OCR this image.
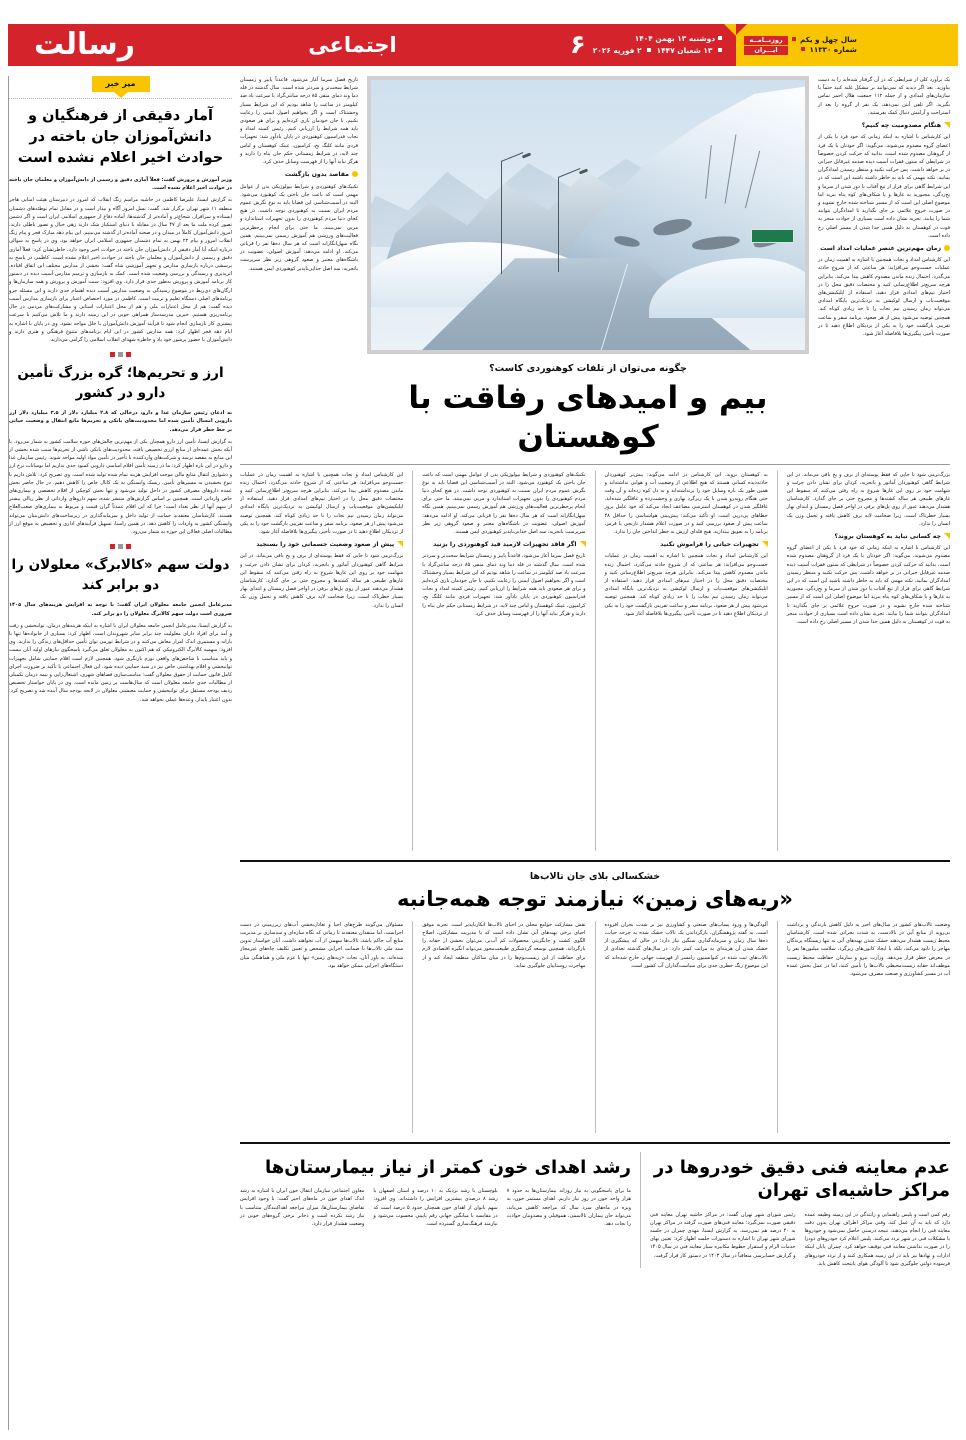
سال چهل و یکم
شماره ۱۱۳۳۰
روزنــامــه
ایـــران
دوشنبه ۱۳ بهمن ۱۴۰۴
۱۳ شعبان ۱۴۴۷  ۲ فوریه ۲۰۲۶
۶
اجتماعی
رسالت
یک برآورد کلی از شرایطی که در آن گرفتار شده‌اید را به دست بیاورید. بعد اگر دیدید که نمی‌توانید بر مشکل غلبه کنید حتماً با سازمان‌های امدادی و از جمله ۱۱۲ جمعیت هلال احمر تماس بگیرید. اگر تلفن آنتن نمی‌دهد، یک نفر از گروه را بعد از استراحت و آرامش دنبال کمک بفرستید.
هنگام مصدومیت چه کنیم؟
این کارشناس با اشاره به اینکه زمانی که خود فرد یا یکی از اعضای گروه مصدوم می‌شوند، می‌گوید: اگر خودتان یا یک فرد از گروهتان مصدوم شده است، بدانید که حرکت کردن خصوصاً در شرایطی که ستون فقرات آسیب دیده صدمه غیرقابل جبرانی در بر خواهد داشت. پس حرکت نکنید و منتظر رسیدن امدادگران بمانید. نکته مهمی که باید به خاطر داشته باشید این است که در این شرایط گاهی برای فرار از تیغ آفتاب یا دور شدن از سرما و یخ‌زدگی، مجبورید به غارها و یا شکاف‌های کوه پناه ببرید اما موضوع اصلی این است که از مسیر شناخته شده خارج نشوید و در صورت خروج علائمی بر جای بگذارید تا امدادگران بتوانند شما را بیابند. تجربه نشان داده است بسیاری از حوادث منجر به فوت در کوهستان به دلیل همین جدا شدن از مسیر اصلی رخ داده است.
زمان مهم‌ترین عنصر عملیات امداد است
این کارشناس امداد و نجات همچنین با اشاره به اهمیت زمان در عملیات جست‌وجو می‌افزاید: هر ساعتی که از شروع حادثه می‌گذرد، احتمال زنده ماندن مصدوم کاهش پیدا می‌کند. بنابراین هرچه سریع‌تر اطلاع‌رسانی کنید و مختصات دقیق محل را در اختیار تیم‌های امدادی قرار دهید. استفاده از اپلیکیشن‌های موقعیت‌یاب و ارسال لوکیشن به نزدیک‌ترین پایگاه امدادی می‌تواند زمان رسیدن تیم نجات را تا حد زیادی کوتاه کند. همچنین توصیه می‌شود پیش از هر صعود، برنامه سفر و ساعت تقریبی بازگشت خود را به یکی از نزدیکان اطلاع دهید تا در صورت تأخیر، پیگیری‌ها بلافاصله آغاز شود.
چگونه می‌توان از تلفات کوهنوردی کاست؟
بیم و امیدهای رفاقت با کوهستان
تاریخ فصل سرما آغاز می‌شود، قاعدتاً پاییز و زمستان شرایط سخت‌تر و سردتر شده است. سال گذشته در قله دما وند دمای منفی ۸۵ درجه سانتی‌گراد با سرعت باد صد کیلومتر در ساعت را شاهد بودیم که این شرایط بسیار وحشتناک است و اگر بخواهیم اصول ایمنی را رعایت نکنیم، با جان خودمان بازی کرده‌ایم و برای هر صعودی باید همه شرایط را ارزیابی کنیم. رئیس کمیته امداد و نجات فدراسیون کوهنوردی در پایان یادآور شد: تجهیزات فردی مانند کلنگ یخ، کرامپون، عینک کوهستان و لباس چند لایه، در شرایط زمستانی حکم جان پناه را دارند و هرگز نباید آنها را از فهرست وسایل حذف کرد.
مقاصد بدون بازگشت
تکنیک‌های کوهنوردی و شرایط بیولوژیکی بدن از عوامل مهمی است که باعث جان باختن یک کوهنورد می‌شود. البته در آسیب‌شناسی این قضایا باید به نوع نگرش عموم مردم ایران نسبت به کوهنوردی توجه داشت. در هیچ کجای دنیا مردم کوهنوردی را بدون تجهیزات استاندارد و مربی نمی‌بینند، ما حتی برای انجام پرخطرترین فعالیت‌های ورزشی هم آموزش رسمی نمی‌بینیم. همین نگاه سهل‌انگارانه است که هر سال ده‌ها نفر را قربانی می‌کند. او ادامه می‌دهد: آموزش اصولی، عضویت در باشگاه‌های معتبر و صعود گروهی زیر نظر سرپرست باتجربه، سه اصل جدایی‌ناپذیر کوهنوردی ایمن هستند.
بزرگ‌ترمی شود تا جایی که فقط پوسته‌ای از برف و یخ باقی می‌ماند. در این شرایط گاهی کوهنوردان آماتور و باتجربه، کردان برای نشان دادن جرئت و شهامت خود بر روی این غارها شروع به راه رفتن می‌کنند که سقوط این غارهای طبیعی هر ساله کشته‌ها و مجروح حتی بر جای گذارد. کارشناسان هشدار می‌دهند عبور از روی پل‌های برفی در اواخر فصل زمستان و ابتدای بهار بسیار خطرناک است، زیرا ضخامت لایه برف کاهش یافته و تحمل وزن یک انسان را ندارد.
چه کسانی نباید به کوهستان بروند؟
این کارشناس با اشاره به اینکه زمانی که خود فرد یا یکی از اعضای گروه مصدوم می‌شوند، می‌گوید: اگر خودتان یا یک فرد از گروهتان مصدوم شده است، بدانید که حرکت کردن خصوصاً در شرایطی که ستون فقرات آسیب دیده صدمه غیرقابل جبرانی در بر خواهد داشت. پس حرکت نکنید و منتظر رسیدن امدادگران بمانید. نکته مهمی که باید به خاطر داشته باشید این است که در این شرایط گاهی برای فرار از تیغ آفتاب یا دور شدن از سرما و یخ‌زدگی، مجبورید به غارها و یا شکاف‌های کوه پناه ببرید اما موضوع اصلی این است که از مسیر شناخته شده خارج نشوید و در صورت خروج علائمی بر جای بگذارید تا امدادگران بتوانند شما را بیابند. تجربه نشان داده است بسیاری از حوادث منجر به فوت در کوهستان به دلیل همین جدا شدن از مسیر اصلی رخ داده است.
به کوهستان نروید. این کارشناس در ادامه می‌گوید: بیش‌تر کوهنوردان حادثه‌دیده کسانی هستند که هیچ اطلاعی از وضعیت آب و هوایی نداشته‌اند و همین طور یک باره وسایل خود را برنداشته‌اند و به دل کوه زده‌اند و آن وقت حتی هنگام روبه‌رو شدن با یک ریزگرد بهاری و وحشت‌زده و غافلگیر شده‌اند. غافلگیر شدن در کوهستان استرسی مضاعف ایجاد می‌کند که خود عامل بروز خطاهای پی‌درپی است. او تأکید می‌کند: پیش‌بینی هواشناسی را حداقل ۴۸ ساعت پیش از صعود بررسی کنید و در صورت اعلام هشدار نارنجی یا قرمز، برنامه را به تعویق بیندازید. هیچ قله‌ای ارزش به خطر انداختن جان را ندارد.
تجهیزات حیاتی را فراموش نکنید
این کارشناس امداد و نجات همچنین با اشاره به اهمیت زمان در عملیات جست‌وجو می‌افزاید: هر ساعتی که از شروع حادثه می‌گذرد، احتمال زنده ماندن مصدوم کاهش پیدا می‌کند. بنابراین هرچه سریع‌تر اطلاع‌رسانی کنید و مختصات دقیق محل را در اختیار تیم‌های امدادی قرار دهید. استفاده از اپلیکیشن‌های موقعیت‌یاب و ارسال لوکیشن به نزدیک‌ترین پایگاه امدادی می‌تواند زمان رسیدن تیم نجات را تا حد زیادی کوتاه کند. همچنین توصیه می‌شود پیش از هر صعود، برنامه سفر و ساعت تقریبی بازگشت خود را به یکی از نزدیکان اطلاع دهید تا در صورت تأخیر، پیگیری‌ها بلافاصله آغاز شود.
تکنیک‌های کوهنوردی و شرایط بیولوژیکی بدن از عوامل مهمی است که باعث جان باختن یک کوهنورد می‌شود. البته در آسیب‌شناسی این قضایا باید به نوع نگرش عموم مردم ایران نسبت به کوهنوردی توجه داشت. در هیچ کجای دنیا مردم کوهنوردی را بدون تجهیزات استاندارد و مربی نمی‌بینند، ما حتی برای انجام پرخطرترین فعالیت‌های ورزشی هم آموزش رسمی نمی‌بینیم. همین نگاه سهل‌انگارانه است که هر سال ده‌ها نفر را قربانی می‌کند. او ادامه می‌دهد: آموزش اصولی، عضویت در باشگاه‌های معتبر و صعود گروهی زیر نظر سرپرست باتجربه، سه اصل جدایی‌ناپذیر کوهنوردی ایمن هستند.
اگر فاقد تجهیزات لازمید قید کوهنوردی را بزنید
تاریخ فصل سرما آغاز می‌شود، قاعدتاً پاییز و زمستان شرایط سخت‌تر و سردتر شده است. سال گذشته در قله دما وند دمای منفی ۸۵ درجه سانتی‌گراد با سرعت باد صد کیلومتر در ساعت را شاهد بودیم که این شرایط بسیار وحشتناک است و اگر بخواهیم اصول ایمنی را رعایت نکنیم، با جان خودمان بازی کرده‌ایم و برای هر صعودی باید همه شرایط را ارزیابی کنیم. رئیس کمیته امداد و نجات فدراسیون کوهنوردی در پایان یادآور شد: تجهیزات فردی مانند کلنگ یخ، کرامپون، عینک کوهستان و لباس چند لایه، در شرایط زمستانی حکم جان پناه را دارند و هرگز نباید آنها را از فهرست وسایل حذف کرد.
این کارشناس امداد و نجات همچنین با اشاره به اهمیت زمان در عملیات جست‌وجو می‌افزاید: هر ساعتی که از شروع حادثه می‌گذرد، احتمال زنده ماندن مصدوم کاهش پیدا می‌کند. بنابراین هرچه سریع‌تر اطلاع‌رسانی کنید و مختصات دقیق محل را در اختیار تیم‌های امدادی قرار دهید. استفاده از اپلیکیشن‌های موقعیت‌یاب و ارسال لوکیشن به نزدیک‌ترین پایگاه امدادی می‌تواند زمان رسیدن تیم نجات را تا حد زیادی کوتاه کند. همچنین توصیه می‌شود پیش از هر صعود، برنامه سفر و ساعت تقریبی بازگشت خود را به یکی از نزدیکان اطلاع دهید تا در صورت تأخیر، پیگیری‌ها بلافاصله آغاز شود.
پیش از صعود وضعیت جسمانی خود را بسنجید
بزرگ‌ترمی شود تا جایی که فقط پوسته‌ای از برف و یخ باقی می‌ماند. در این شرایط گاهی کوهنوردان آماتور و باتجربه، کردان برای نشان دادن جرئت و شهامت خود بر روی این غارها شروع به راه رفتن می‌کنند که سقوط این غارهای طبیعی هر ساله کشته‌ها و مجروح حتی بر جای گذارد. کارشناسان هشدار می‌دهند عبور از روی پل‌های برفی در اواخر فصل زمستان و ابتدای بهار بسیار خطرناک است، زیرا ضخامت لایه برف کاهش یافته و تحمل وزن یک انسان را ندارد.
خشکسالی بلای جان تالاب‌ها
«ریه‌های زمین» نیازمند توجه همه‌جانبه
وضعیت تالاب‌های کشور در سال‌های اخیر به دلیل کاهش بارندگی و برداشت بی‌رویه از منابع آبی در بالادست، به شدت بحرانی شده است. کارشناسان محیط زیست هشدار می‌دهند خشک شدن پهنه‌های آبی نه تنها زیستگاه پرندگان مهاجر را نابود می‌کند، بلکه با ایجاد کانون‌های ریزگرد، سلامت میلیون‌ها نفر را در معرض خطر قرار می‌دهد. وزارت نیرو و سازمان حفاظت محیط زیست موظف‌اند حقابه زیست‌محیطی تالاب‌ها را تأمین کنند، اما در عمل بخش عمده آب در مسیر کشاورزی و صنعت مصرف می‌شود.
آلودگی‌ها و ورود پساب‌های صنعتی و کشاورزی نیز بر شدت بحران افزوده است. به گفته پژوهشگران، بازگرداندن یک تالاب خشک شده به چرخه حیات، ده‌ها سال زمان و سرمایه‌گذاری سنگین نیاز دارد؛ در حالی که پیشگیری از خشک شدن آن هزینه‌ای به مراتب کمتر دارد. در سال‌های گذشته تعدادی از تالاب‌های ثبت شده در کنوانسیون رامسر از فهرست جهانی خارج شده‌اند که این موضوع زنگ خطری جدی برای سیاست‌گذاران آب کشور است.
نقش مشارکت جوامع محلی در احیای تالاب‌ها انکارناپذیر است. تجربه موفق احیای برخی پهنه‌های آبی نشان داده است که با مدیریت مشارکتی، اصلاح الگوی کشت و جایگزینی محصولات کم آب‌بر، می‌توان بخشی از حقابه را بازگرداند. همچنین توسعه گردشگری طبیعت‌محور می‌تواند انگیزه اقتصادی لازم برای حفاظت از این زیست‌بوم‌ها را در میان ساکنان منطقه ایجاد کند و از مهاجرت روستاییان جلوگیری نماید.
مسئولان می‌گویند طرح‌های احیا و تعادل‌بخشی آب‌های زیرزمینی در دست اجراست، اما منتقدان معتقدند تا زمانی که نگاه سازه‌ای و سدسازی بر مدیریت منابع آب حاکم باشد، تالاب‌ها سهمی از آب نخواهند داشت. آنان خواستار تدوین سند ملی تالاب‌ها با ضمانت اجرایی مشخص و تعیین تکلیف چاه‌های غیرمجاز شده‌اند. به باور آنان، نجات «ریه‌های زمین» تنها با عزم ملی و هماهنگی میان دستگاه‌های اجرایی ممکن خواهد بود.
عدم معاینه فنی دقیق خودروها در مراکز حاشیه‌ای تهران
رقم کمی است و پلیس راهنمایی و رانندگی در این زمینه وظیفه عمده دارد که باید به آن عمل کند. وقتی مراکز اطراف تهران بدون دقت معاینه فنی را انجام می‌دهند، نتیجه درستی حاصل نمی‌شود و خودروها با مشکلات فنی در شهر تردد می‌کنند. پلیس اعلام کرد خودروهای دودزا را در صورت نداشتن معاینه فنی توقیف خواهد کرد. چمران پایان اینکه ادارات و نهادها نیز باید در این زمینه همکاری کنند و از تردد خودروهای فرسوده دولتی جلوگیری شود تا آلودگی هوای پایتخت کاهش یابد.
رئیس شورای شهر تهران گفت: در مراکز حاشیه تهران معاینه فنی دقیقی صورت نمی‌گیرد؛ معاینه فنی‌های صورت گرفته در مراکز تهران به ۴۰ درصد هم نمی‌رسد. به گزارش ایسنا، مهدی چمران در جلسه شورای شهر تهران با اشاره به دستورات جلسه اظهار کرد: تعیین بهای خدمات الزام و استقرار خطوط مکانیزه سیار معاینه فنی در سال ۱۴۰۵ و گزارش حسابرسی متعاقباً در سال ۱۴۰۳ در دستور کار قرار گرفت.
رشد اهدای خون کمتر از نیاز بیمارستان‌ها
ما برای پاسخگویی به نیاز روزانه بیمارستان‌ها به حدود ۷ هزار واحد خون در روز نیاز داریم. اهدای مستمر خون، به ویژه در ماه‌های سرد سال که مراجعه کاهش می‌یابد، می‌تواند جان بیماران تالاسمی، هموفیلی و مصدومان حوادث را نجات دهد.
بلوچستان با رشد نزدیک به ۱۰ درصد و استان اصفهان با رشد ۸ درصدی بیشترین افزایش را داشته‌اند. وی افزود: سهم بانوان از اهدای خون همچنان حدود ۵ درصد است که در مقایسه با میانگین جهانی رقم پایینی محسوب می‌شود و نیازمند فرهنگ‌سازی گسترده است.
معاون اجتماعی سازمان انتقال خون ایران با اشاره به رشد اندک اهدای خون در ماه‌های اخیر گفت: با وجود افزایش تقاضای بیمارستان‌ها، میزان مراجعه اهداکنندگان متناسب با نیاز رشد نکرده است و ذخایر برخی گروه‌های خونی در وضعیت هشدار قرار دارد.
میز خبر
آمار دقیقی از فرهنگیان و دانش‌آموزان جان باخته در حوادث اخیر اعلام نشده است
وزیر آموزش و پرورش گفت: فعلاً آماری دقیق و رسمی از دانش‌آموزان و معلمان جان باخته در حوادث اخیر اعلام نشده است.
به گزارش ایسنا، علیرضا کاظمی در حاشیه مراسم زنگ انقلاب که امروز در دبیرستان هیئت امنایی هاجر منطقه ۱۱ شهر تهران برگزار شد، گفت: نسل امروز آگاه و بیدار است و در مقابل تمام توطئه‌های دشمنان ایستاده و سرافراز، شجاع‌تر و آماده‌تر از گذشته‌ها، آماده دفاع از جمهوری اسلامی ایران است و اگر دشمن تصور کرده ملت ما بعد از ۴۷ سال در مقابله با دنیای استکبار شک دارند زهی خیال و تصور باطلی دارند. امروز دانش‌آموزان کاملاً در میدان و در صحنه آماده‌تر از گذشته می‌بینیم. این پیام دهه مبارک فجر و پیام زنگ انقلاب امروز و پیام ۲۲ بهمن به تمام دشمنان جمهوری اسلامی ایران خواهد بود. وی در پاسخ به سوالی درباره اینکه آیا آمار دقیقی از دانش‌آموزان جان باخته در حوادث اخیر وجود دارد، خاطرنشان کرد: فعلاً آماری دقیق و رسمی از دانش‌آموزان و معلمان جان باخته در حوادث اخیر اعلام نشده است. کاظمی در پاسخ به پرسشی درباره بازسازی مدارس و تجهیز آموزشی شاه گفت: بخشی از مدارس مختلف این اتفاق افتاده، اثرپذیری و رسیدگی و بررسی وضعیت شده است. کمک به بازسازی و ترمیم مدارس آسیب دیده در دستور کار برنامه آموزش و پرورش به‌طور جدی قرار دارد. وی افزود: سنت آموزش و پرورش و همه سازمان‌ها و ارگان‌های ذی‌ربط در موضوع رسیدگی به وضعیت مدارس آسیب دیده اهتمام جدی دارند و این مسئله جزو برنامه‌های اصلی دستگاه تعلیم و تربیت است. کاظمی در مورد اختصاص اعتبار برای بازسازی مدارس آسیب دیده گفت: هم از محل اعتبارات ملی و هم از محل اعتبارات استانی و مشارکت‌های مردمی در حال برنامه‌ریزی هستیم. خیرین مدرسه‌ساز همراهی خوبی در این زمینه دارند و ما تلاش می‌کنیم با سرعت بیشتری کار بازسازی انجام شود تا فرآیند آموزش دانش‌آموزان با خلل مواجه نشود. وی در پایان با اشاره به ایام دهه فجر اظهار کرد: همه مدارس کشور در این ایام برنامه‌های متنوع فرهنگی و هنری دارند و دانش‌آموزان با حضور پرشور خود یاد و خاطره شهدای انقلاب اسلامی را گرامی می‌دارند.
ارز و تحریم‌ها؛ گره بزرگ تأمین دارو در کشور
به اذعان رئیس سازمان غذا و دارو، درحالی که ۲.۸ میلیارد دلار از ۳.۵ میلیارد دلار ارز دارویی امسال تأمین شده اما محدودیت‌های بانکی و تحریم‌ها مانع انتقال و وضعیت حیاتی بر خط خطر قرار می‌دهد.
به گزارش ایسنا، تأمین ارز دارو همچنان یکی از مهم‌ترین چالش‌های حوزه سلامت کشور به شمار می‌رود. با آنکه بخش عمده‌ای از منابع ارزی تخصیص یافته، محدودیت‌های بانکی ناشی از تحریم‌ها سبب شده بخشی از این منابع به مقصد نرسد و شرکت‌های واردکننده با تأخیر در تأمین مواد اولیه مواجه شوند. رئیس سازمان غذا و دارو در این باره اظهار کرد: ما در زمینه تأمین اقلام اساسی دارویی کمبود جدی نداریم اما نوسانات نرخ ارز و دشواری انتقال منابع مالی موجب افزایش هزینه تمام شده تولید شده است. وی تصریح کرد: تلاش داریم با تنوع بخشیدن به مسیرهای تأمین، ریسک وابستگی به یک کانال خاص را کاهش دهیم. در حال حاضر بخش عمده داروهای مصرفی کشور در داخل تولید می‌شود و تنها بخش کوچکی از اقلام تخصصی و بیماری‌های خاص وارداتی است. همچنین بر اساس گزارش‌های منتشر شده، سهم داروهای وارداتی از نظر ریالی بیشتر از سهم آنها از نظر تعداد است؛ چرا که این اقلام عمدتاً گران قیمت و مربوط به بیماری‌های صعب‌العلاج هستند. کارشناسان معتقدند حمایت از تولید داخل و سرمایه‌گذاری در زیرساخت‌های دانش‌بنیان می‌تواند وابستگی کشور به واردات را کاهش دهد. در همین راستا، تسهیل فرآیندهای اداری و تخصیص به موقع ارز از مطالبات اصلی فعالان این حوزه به شمار می‌رود.
دولت سهم «کالابرگ» معلولان را دو برابر کند
مدیرعامل انجمن جامعه معلولان ایران گفت: با توجه به افزایش هزینه‌های سال ۱۴۰۵ ضروری است دولت سهم کالابرگ معلولان را دو برابر کند.
به گزارش ایسنا، مدیرعامل انجمن جامعه معلولان ایران با اشاره به اینکه هزینه‌های درمان، توانبخشی و رفت و آمد برای افراد دارای معلولیت چند برابر سایر شهروندان است، اظهار کرد: بسیاری از خانواده‌ها تنها با یارانه و مستمری اندک امرار معاش می‌کنند و در شرایط تورمی توان تأمین حداقل‌های زندگی را ندارند. وی افزود: سهمیه کالابرگ الکترونیکی که هم اکنون به معلولان تعلق می‌گیرد پاسخگوی نیازهای اولیه آنان نیست و باید متناسب با شاخص‌های واقعی تورم بازنگری شود. همچنین لازم است اقلام حمایتی شامل تجهیزات توانبخشی و اقلام بهداشتی خاص نیز در سبد حمایتی دیده شود. این فعال اجتماعی با تأکید بر ضرورت اجرای کامل قانون حمایت از حقوق معلولان گفت: مناسب‌سازی فضاهای شهری، اشتغال‌زایی و بیمه درمان تکمیلی از مطالبات جدی جامعه معلولان است که سال‌هاست بر زمین مانده است. وی در پایان خواستار تخصیص ردیف بودجه مستقل برای توانبخشی و حمایت معیشتی معلولان در لایحه بودجه سال آینده شد و تصریح کرد: بدون اعتبار پایدار، وعده‌ها عملی نخواهد شد.
